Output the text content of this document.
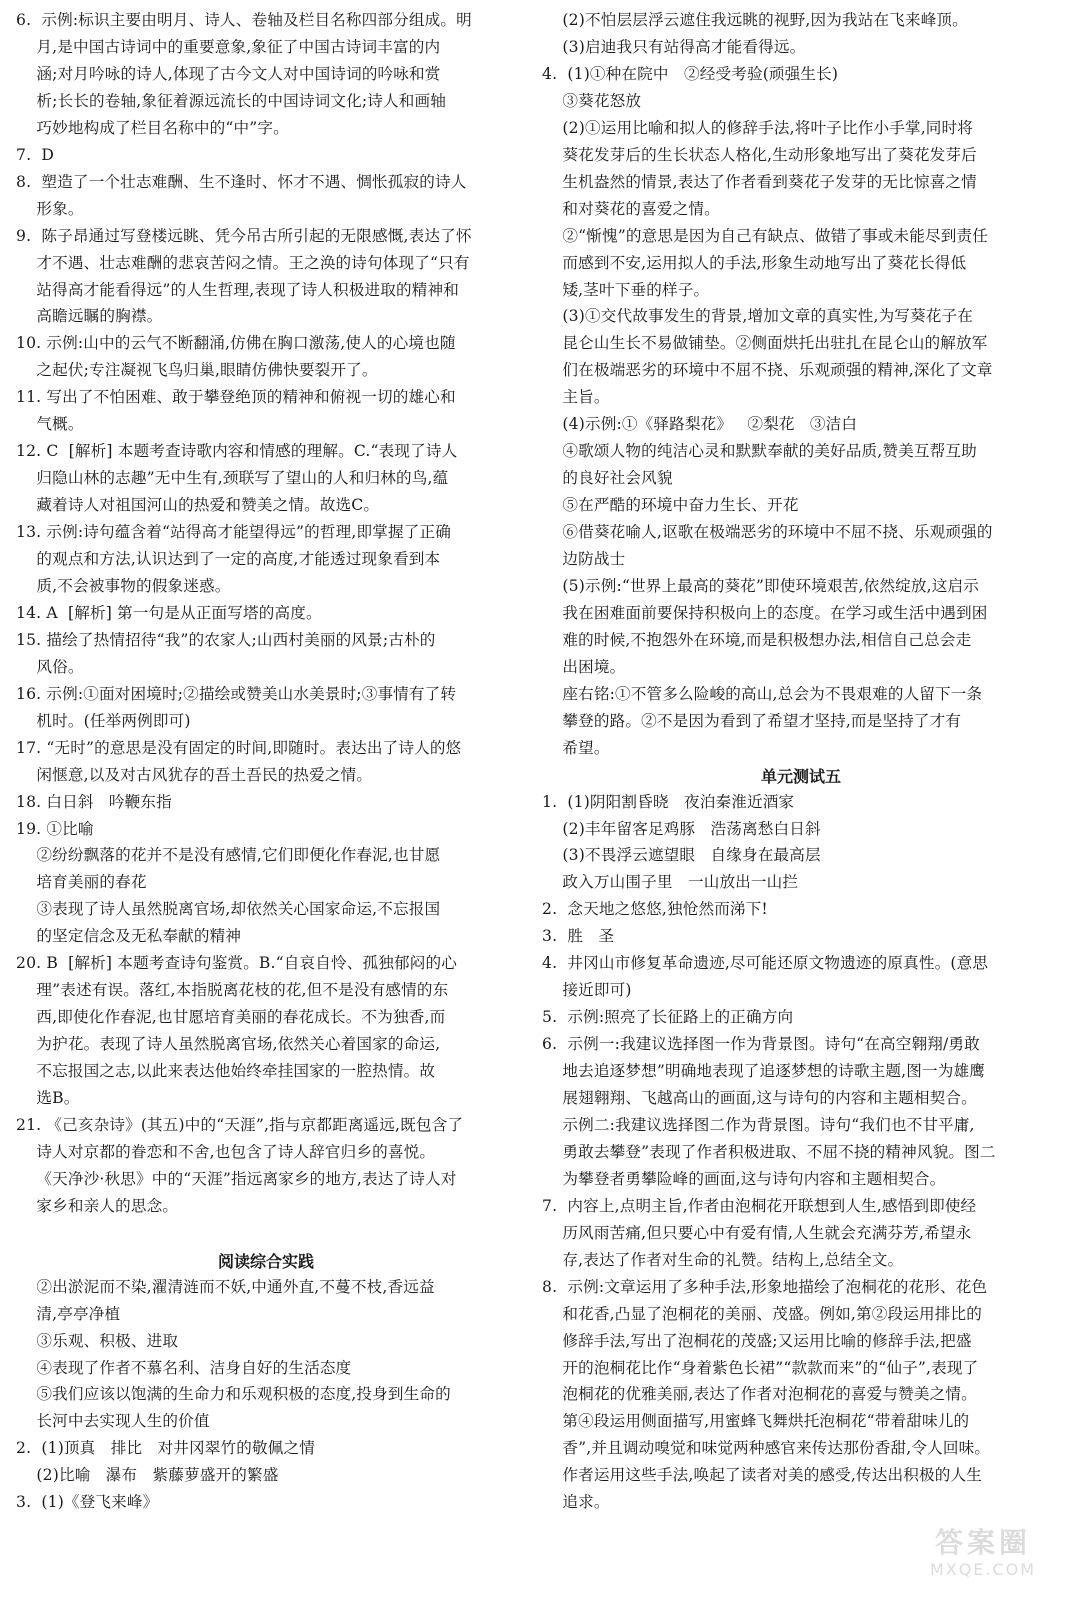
6.  示例:标识主要由明月、诗人、卷轴及栏目名称四部分组成。明
月,是中国古诗词中的重要意象,象征了中国古诗词丰富的内
涵;对月吟咏的诗人,体现了古今文人对中国诗词的吟咏和赏
析;长长的卷轴,象征着源远流长的中国诗词文化;诗人和画轴
巧妙地构成了栏目名称中的“中”字。
7.  D
8.  塑造了一个壮志难酬、生不逢时、怀才不遇、惆怅孤寂的诗人
形象。
9.  陈子昂通过写登楼远眺、凭今吊古所引起的无限感慨,表达了怀
才不遇、壮志难酬的悲哀苦闷之情。王之涣的诗句体现了“只有
站得高才能看得远”的人生哲理,表现了诗人积极进取的精神和
高瞻远瞩的胸襟。
10. 示例:山中的云气不断翻涌,仿佛在胸口激荡,使人的心境也随
之起伏;专注凝视飞鸟归巢,眼睛仿佛快要裂开了。
11. 写出了不怕困难、敢于攀登绝顶的精神和俯视一切的雄心和
气概。
12. C  [解析] 本题考查诗歌内容和情感的理解。C.“表现了诗人
归隐山林的志趣”无中生有,颈联写了望山的人和归林的鸟,蕴
藏着诗人对祖国河山的热爱和赞美之情。故选C。
13. 示例:诗句蕴含着“站得高才能望得远”的哲理,即掌握了正确
的观点和方法,认识达到了一定的高度,才能透过现象看到本
质,不会被事物的假象迷惑。
14. A  [解析] 第一句是从正面写塔的高度。
15. 描绘了热情招待“我”的农家人;山西村美丽的风景;古朴的
风俗。
16. 示例:①面对困境时;②描绘或赞美山水美景时;③事情有了转
机时。(任举两例即可)
17. “无时”的意思是没有固定的时间,即随时。表达出了诗人的悠
闲惬意,以及对古风犹存的吾土吾民的热爱之情。
18. 白日斜   吟鞭东指
19. ①比喻
②纷纷飘落的花并不是没有感情,它们即便化作春泥,也甘愿
培育美丽的春花
③表现了诗人虽然脱离官场,却依然关心国家命运,不忘报国
的坚定信念及无私奉献的精神
20. B  [解析] 本题考查诗句鉴赏。B.“自哀自怜、孤独郁闷的心
理”表述有误。落红,本指脱离花枝的花,但不是没有感情的东
西,即使化作春泥,也甘愿培育美丽的春花成长。不为独香,而
为护花。表现了诗人虽然脱离官场,依然关心着国家的命运,
不忘报国之志,以此来表达他始终牵挂国家的一腔热情。故
选B。
21. 《己亥杂诗》(其五)中的“天涯”,指与京都距离遥远,既包含了
诗人对京都的眷恋和不舍,也包含了诗人辞官归乡的喜悦。
《天净沙·秋思》中的“天涯”指远离家乡的地方,表达了诗人对
家乡和亲人的思念。
阅读综合实践
②出淤泥而不染,濯清涟而不妖,中通外直,不蔓不枝,香远益
清,亭亭净植
③乐观、积极、进取
④表现了作者不慕名利、洁身自好的生活态度
⑤我们应该以饱满的生命力和乐观积极的态度,投身到生命的
长河中去实现人生的价值
2.  (1)顶真   排比   对井冈翠竹的敬佩之情
(2)比喻   瀑布   紫藤萝盛开的繁盛
3.  (1)《登飞来峰》
(2)不怕层层浮云遮住我远眺的视野,因为我站在飞来峰顶。
(3)启迪我只有站得高才能看得远。
4.  (1)①种在院中   ②经受考验(顽强生长)
③葵花怒放
(2)①运用比喻和拟人的修辞手法,将叶子比作小手掌,同时将
葵花发芽后的生长状态人格化,生动形象地写出了葵花发芽后
生机盎然的情景,表达了作者看到葵花子发芽的无比惊喜之情
和对葵花的喜爱之情。
②“惭愧”的意思是因为自己有缺点、做错了事或未能尽到责任
而感到不安,运用拟人的手法,形象生动地写出了葵花长得低
矮,茎叶下垂的样子。
(3)①交代故事发生的背景,增加文章的真实性,为写葵花子在
昆仑山生长不易做铺垫。②侧面烘托出驻扎在昆仑山的解放军
们在极端恶劣的环境中不屈不挠、乐观顽强的精神,深化了文章
主旨。
(4)示例:①《驿路梨花》   ②梨花   ③洁白
④歌颂人物的纯洁心灵和默默奉献的美好品质,赞美互帮互助
的良好社会风貌
⑤在严酷的环境中奋力生长、开花
⑥借葵花喻人,讴歌在极端恶劣的环境中不屈不挠、乐观顽强的
边防战士
(5)示例:“世界上最高的葵花”即使环境艰苦,依然绽放,这启示
我在困难面前要保持积极向上的态度。在学习或生活中遇到困
难的时候,不抱怨外在环境,而是积极想办法,相信自己总会走
出困境。
座右铭:①不管多么险峻的高山,总会为不畏艰难的人留下一条
攀登的路。②不是因为看到了希望才坚持,而是坚持了才有
希望。
单元测试五
1.  (1)阴阳割昏晓   夜泊秦淮近酒家
(2)丰年留客足鸡豚   浩荡离愁白日斜
(3)不畏浮云遮望眼   自缘身在最高层
政入万山围子里   一山放出一山拦
2.  念天地之悠悠,独怆然而涕下!
3.  胜   圣
4.  井冈山市修复革命遗迹,尽可能还原文物遗迹的原真性。(意思
接近即可)
5.  示例:照亮了长征路上的正确方向
6.  示例一:我建议选择图一作为背景图。诗句“在高空翱翔/勇敢
地去追逐梦想”明确地表现了追逐梦想的诗歌主题,图一为雄鹰
展翅翱翔、飞越高山的画面,这与诗句的内容和主题相契合。
示例二:我建议选择图二作为背景图。诗句“我们也不甘平庸,
勇敢去攀登”表现了作者积极进取、不屈不挠的精神风貌。图二
为攀登者勇攀险峰的画面,这与诗句内容和主题相契合。
7.  内容上,点明主旨,作者由泡桐花开联想到人生,感悟到即使经
历风雨苦痛,但只要心中有爱有情,人生就会充满芬芳,希望永
存,表达了作者对生命的礼赞。结构上,总结全文。
8.  示例:文章运用了多种手法,形象地描绘了泡桐花的花形、花色
和花香,凸显了泡桐花的美丽、茂盛。例如,第②段运用排比的
修辞手法,写出了泡桐花的茂盛;又运用比喻的修辞手法,把盛
开的泡桐花比作“身着紫色长裙”“款款而来”的“仙子”,表现了
泡桐花的优雅美丽,表达了作者对泡桐花的喜爱与赞美之情。
第④段运用侧面描写,用蜜蜂飞舞烘托泡桐花“带着甜味儿的
香”,并且调动嗅觉和味觉两种感官来传达那份香甜,令人回味。
作者运用这些手法,唤起了读者对美的感受,传达出积极的人生
追求。
答案圈
MXQE.COM
